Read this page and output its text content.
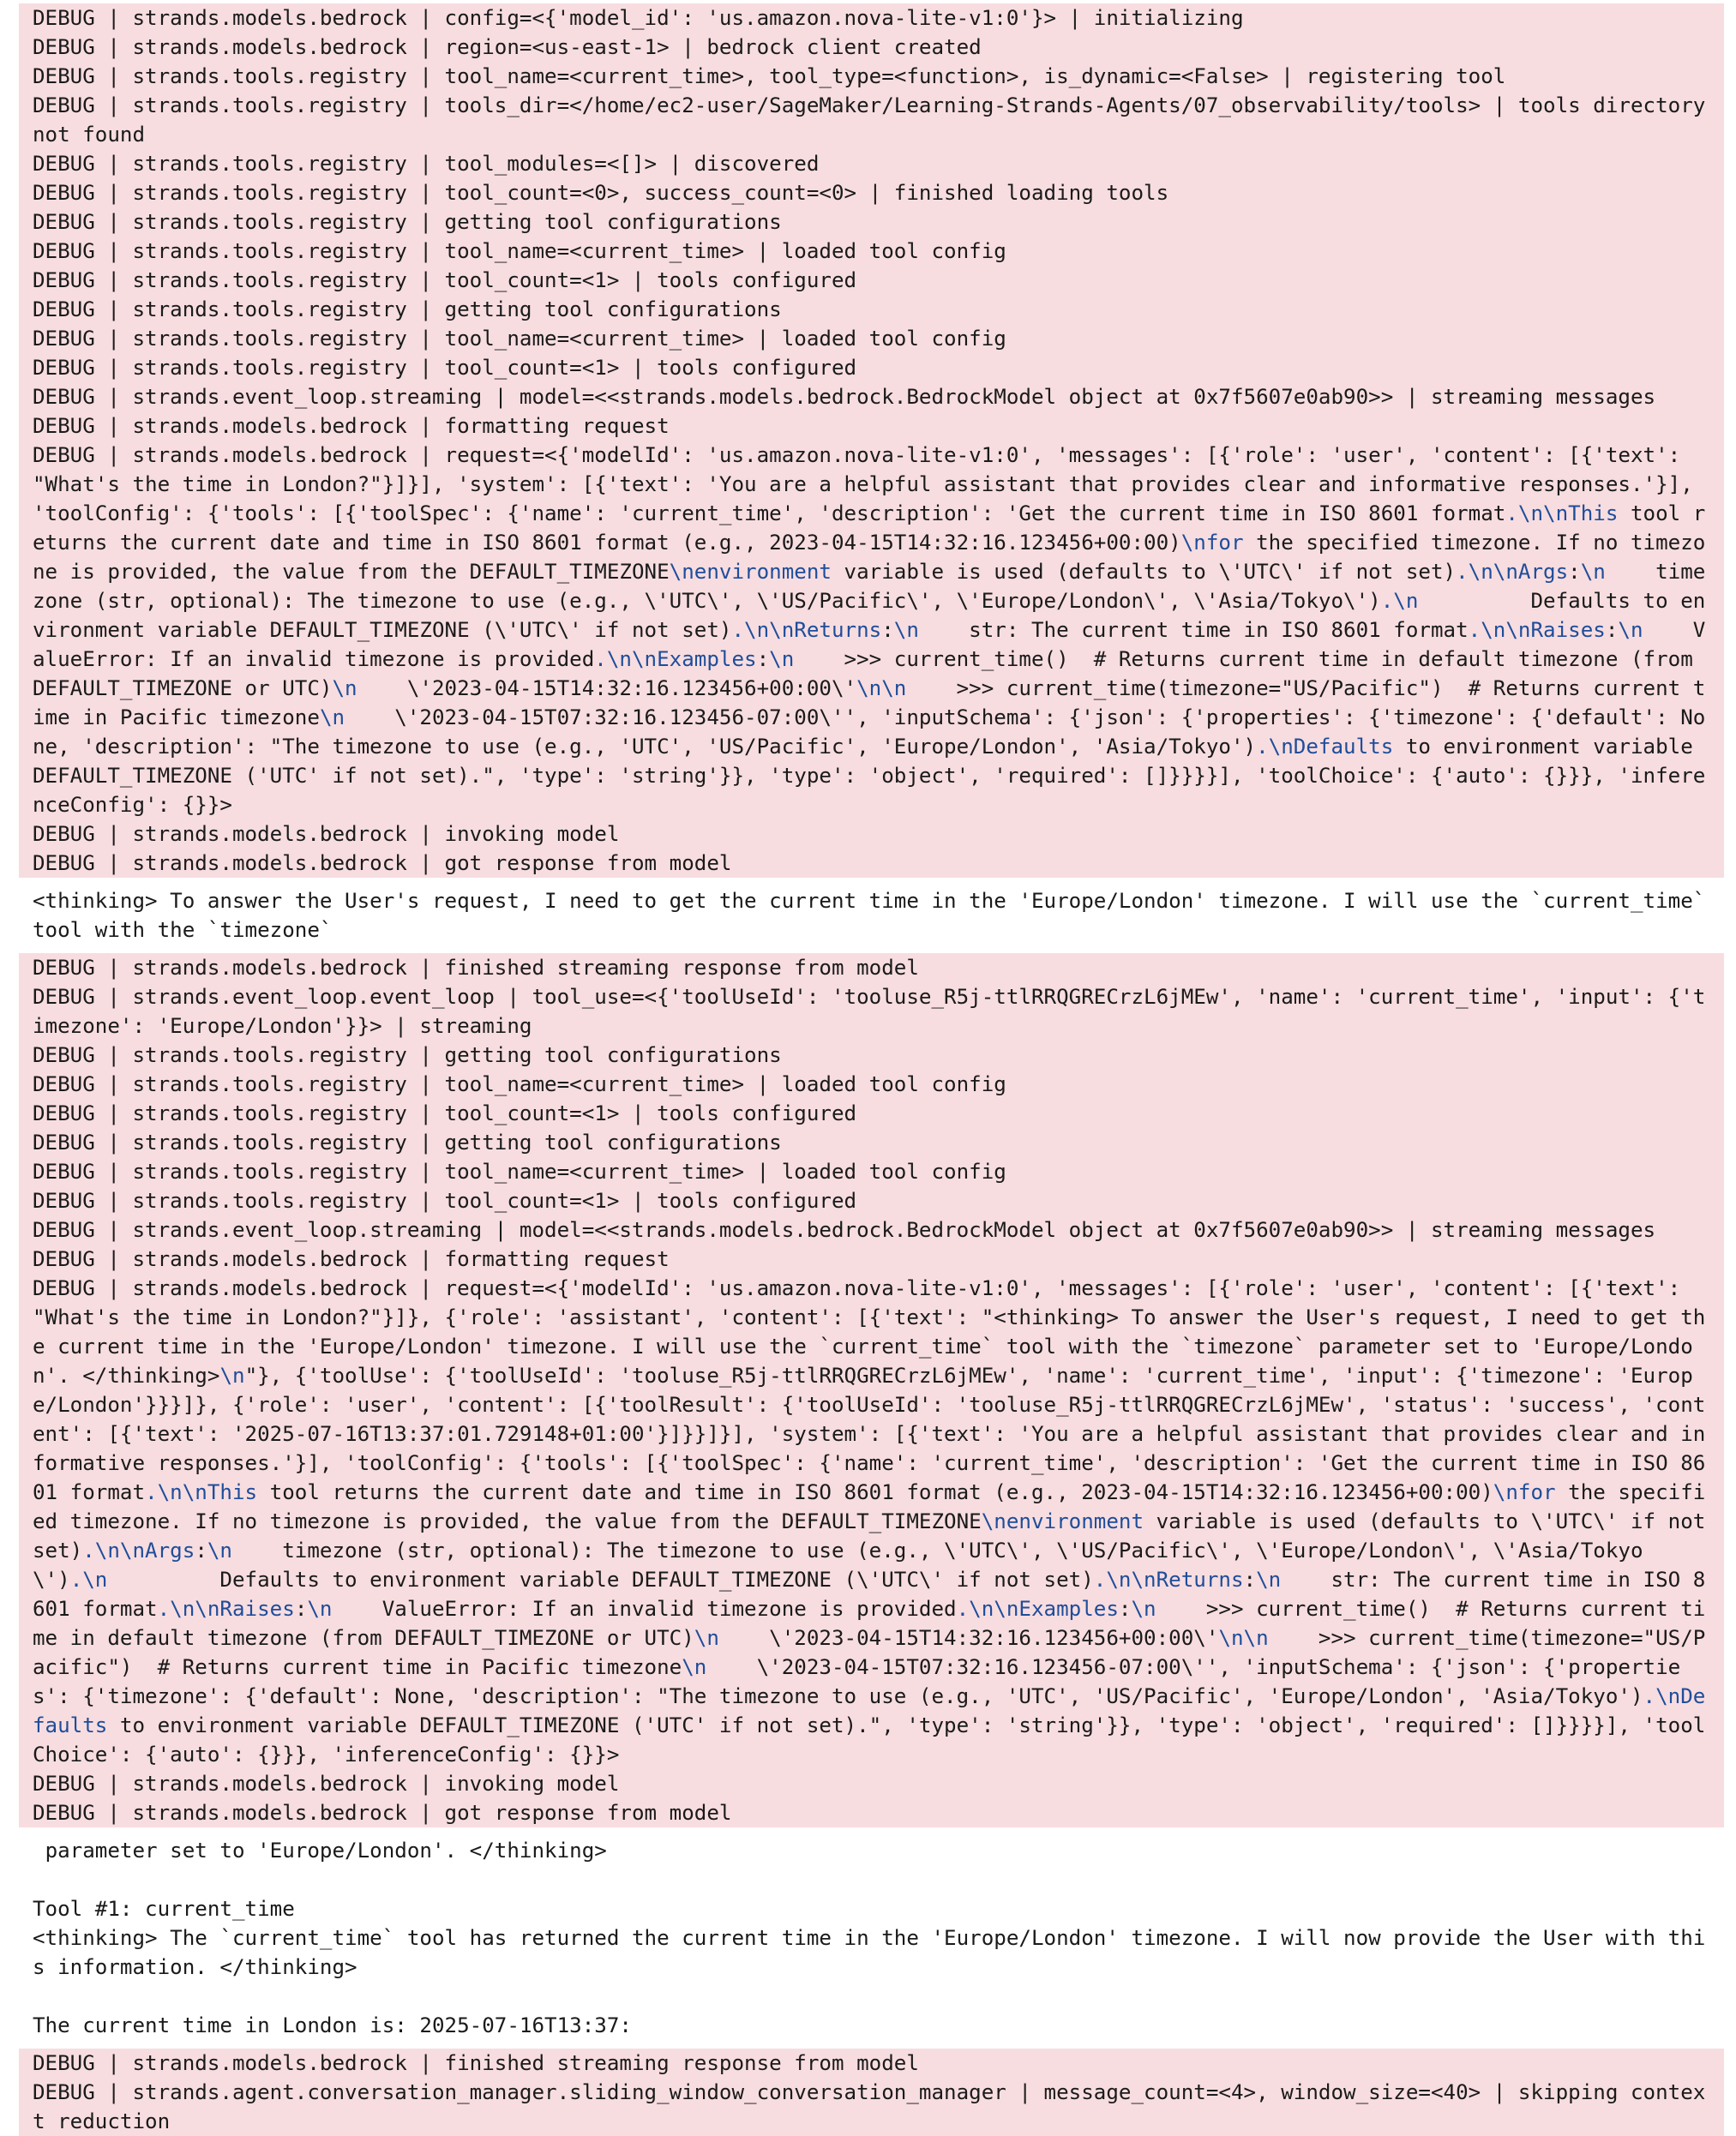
DEBUG | strands.models.bedrock | config=<{'model_id': 'us.amazon.nova-lite-v1:0'}> | initializing
DEBUG | strands.models.bedrock | region=<us-east-1> | bedrock client created
DEBUG | strands.tools.registry | tool_name=<current_time>, tool_type=<function>, is_dynamic=<False> | registering tool
DEBUG | strands.tools.registry | tools_dir=</home/ec2-user/SageMaker/Learning-Strands-Agents/07_observability/tools> | tools directory not found
DEBUG | strands.tools.registry | tool_modules=<[]> | discovered
DEBUG | strands.tools.registry | tool_count=<0>, success_count=<0> | finished loading tools
DEBUG | strands.tools.registry | getting tool configurations
DEBUG | strands.tools.registry | tool_name=<current_time> | loaded tool config
DEBUG | strands.tools.registry | tool_count=<1> | tools configured
DEBUG | strands.tools.registry | getting tool configurations
DEBUG | strands.tools.registry | tool_name=<current_time> | loaded tool config
DEBUG | strands.tools.registry | tool_count=<1> | tools configured
DEBUG | strands.event_loop.streaming | model=<<strands.models.bedrock.BedrockModel object at 0x7f5607e0ab90>> | streaming messages
DEBUG | strands.models.bedrock | formatting request
DEBUG | strands.models.bedrock | request=<{'modelId': 'us.amazon.nova-lite-v1:0', 'messages': [{'role': 'user', 'content': [{'text': "What's the time in London?"}]}], 'system': [{'text': 'You are a helpful assistant that provides clear and informative responses.'}], 'toolConfig': {'tools': [{'toolSpec': {'name': 'current_time', 'description': 'Get the current time in ISO 8601 format.\n\nThis tool returns the current date and time in ISO 8601 format (e.g., 2023-04-15T14:32:16.123456+00:00)\nfor the specified timezone. If no timezone is provided, the value from the DEFAULT_TIMEZONE\nenvironment variable is used (defaults to \'UTC\' if not set).\n\nArgs:\n    timezone (str, optional): The timezone to use (e.g., \'UTC\', \'US/Pacific\', \'Europe/London\', \'Asia/Tokyo\').\n         Defaults to environment variable DEFAULT_TIMEZONE (\'UTC\' if not set).\n\nReturns:\n    str: The current time in ISO 8601 format.\n\nRaises:\n    ValueError: If an invalid timezone is provided.\n\nExamples:\n    >>> current_time()  # Returns current time in default timezone (from DEFAULT_TIMEZONE or UTC)\n    \'2023-04-15T14:32:16.123456+00:00\'\n\n    >>> current_time(timezone="US/Pacific")  # Returns current time in Pacific timezone\n    \'2023-04-15T07:32:16.123456-07:00\'', 'inputSchema': {'json': {'properties': {'timezone': {'default': None, 'description': "The timezone to use (e.g., 'UTC', 'US/Pacific', 'Europe/London', 'Asia/Tokyo').\nDefaults to environment variable DEFAULT_TIMEZONE ('UTC' if not set).", 'type': 'string'}}, 'type': 'object', 'required': []}}}}], 'toolChoice': {'auto': {}}}, 'inferenceConfig': {}}>
DEBUG | strands.models.bedrock | invoking model
DEBUG | strands.models.bedrock | got response from model
<thinking> To answer the User's request, I need to get the current time in the 'Europe/London' timezone. I will use the `current_time` tool with the `timezone`
DEBUG | strands.models.bedrock | finished streaming response from model
DEBUG | strands.event_loop.event_loop | tool_use=<{'toolUseId': 'tooluse_R5j-ttlRRQGRECrzL6jMEw', 'name': 'current_time', 'input': {'timezone': 'Europe/London'}}> | streaming
DEBUG | strands.tools.registry | getting tool configurations
DEBUG | strands.tools.registry | tool_name=<current_time> | loaded tool config
DEBUG | strands.tools.registry | tool_count=<1> | tools configured
DEBUG | strands.tools.registry | getting tool configurations
DEBUG | strands.tools.registry | tool_name=<current_time> | loaded tool config
DEBUG | strands.tools.registry | tool_count=<1> | tools configured
DEBUG | strands.event_loop.streaming | model=<<strands.models.bedrock.BedrockModel object at 0x7f5607e0ab90>> | streaming messages
DEBUG | strands.models.bedrock | formatting request
DEBUG | strands.models.bedrock | request=<{'modelId': 'us.amazon.nova-lite-v1:0', 'messages': [{'role': 'user', 'content': [{'text': "What's the time in London?"}]}, {'role': 'assistant', 'content': [{'text': "<thinking> To answer the User's request, I need to get the current time in the 'Europe/London' timezone. I will use the `current_time` tool with the `timezone` parameter set to 'Europe/London'. </thinking>\n"}, {'toolUse': {'toolUseId': 'tooluse_R5j-ttlRRQGRECrzL6jMEw', 'name': 'current_time', 'input': {'timezone': 'Europe/London'}}}]}, {'role': 'user', 'content': [{'toolResult': {'toolUseId': 'tooluse_R5j-ttlRRQGRECrzL6jMEw', 'status': 'success', 'content': [{'text': '2025-07-16T13:37:01.729148+01:00'}]}}]}], 'system': [{'text': 'You are a helpful assistant that provides clear and informative responses.'}], 'toolConfig': {'tools': [{'toolSpec': {'name': 'current_time', 'description': 'Get the current time in ISO 8601 format.\n\nThis tool returns the current date and time in ISO 8601 format (e.g., 2023-04-15T14:32:16.123456+00:00)\nfor the specified timezone. If no timezone is provided, the value from the DEFAULT_TIMEZONE\nenvironment variable is used (defaults to \'UTC\' if not set).\n\nArgs:\n    timezone (str, optional): The timezone to use (e.g., \'UTC\', \'US/Pacific\', \'Europe/London\', \'Asia/Tokyo\').\n         Defaults to environment variable DEFAULT_TIMEZONE (\'UTC\' if not set).\n\nReturns:\n    str: The current time in ISO 8601 format.\n\nRaises:\n    ValueError: If an invalid timezone is provided.\n\nExamples:\n    >>> current_time()  # Returns current time in default timezone (from DEFAULT_TIMEZONE or UTC)\n    \'2023-04-15T14:32:16.123456+00:00\'\n\n    >>> current_time(timezone="US/Pacific")  # Returns current time in Pacific timezone\n    \'2023-04-15T07:32:16.123456-07:00\'', 'inputSchema': {'json': {'properties': {'timezone': {'default': None, 'description': "The timezone to use (e.g., 'UTC', 'US/Pacific', 'Europe/London', 'Asia/Tokyo').\nDefaults to environment variable DEFAULT_TIMEZONE ('UTC' if not set).", 'type': 'string'}}, 'type': 'object', 'required': []}}}}], 'toolChoice': {'auto': {}}}, 'inferenceConfig': {}}>
DEBUG | strands.models.bedrock | invoking model
DEBUG | strands.models.bedrock | got response from model
parameter set to 'Europe/London'. </thinking>

Tool #1: current_time
<thinking> The `current_time` tool has returned the current time in the 'Europe/London' timezone. I will now provide the User with this information. </thinking>

The current time in London is: 2025-07-16T13:37:
DEBUG | strands.models.bedrock | finished streaming response from model
DEBUG | strands.agent.conversation_manager.sliding_window_conversation_manager | message_count=<4>, window_size=<40> | skipping context reduction
